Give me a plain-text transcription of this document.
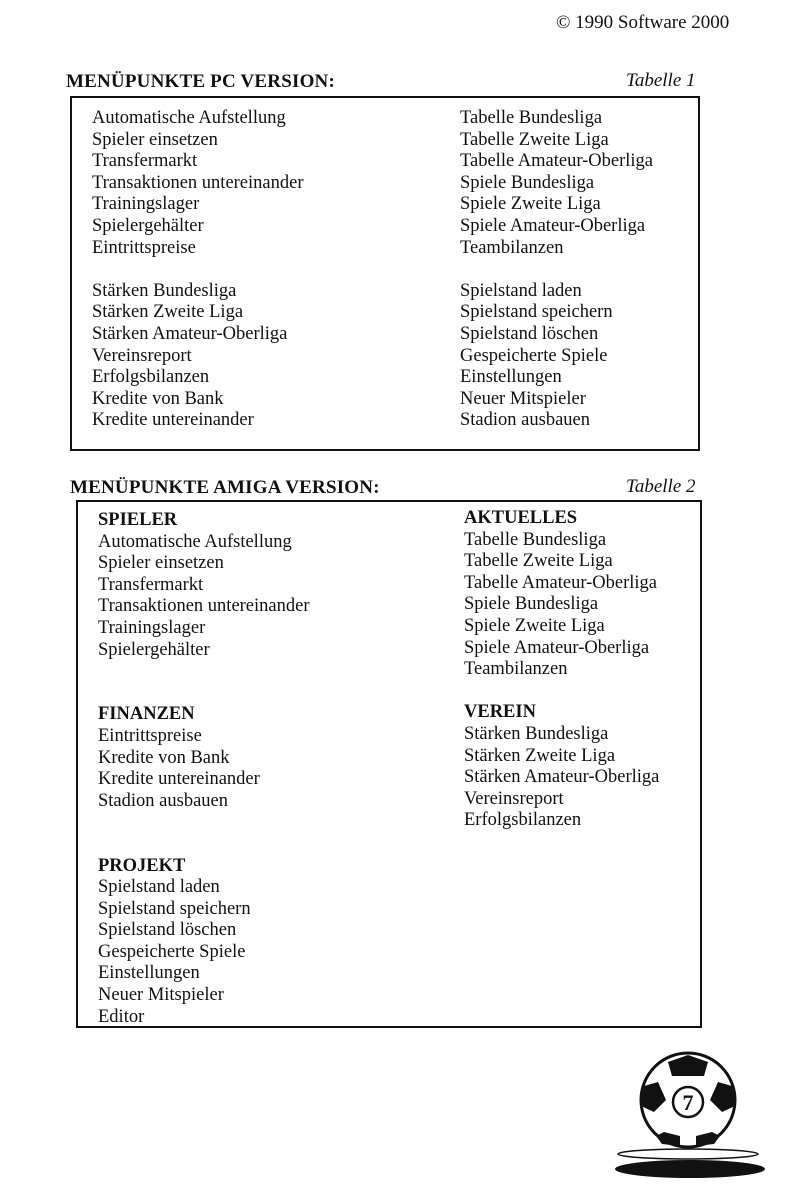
© 1990 Software 2000
MENÜPUNKTE PC VERSION:	Tabelle 1
Automatische Aufstellung
Spieler einsetzen
Transfermarkt
Transaktionen untereinander
Trainingslager
Spielergehälter
Eintrittspreise
Stärken Bundesliga
Stärken Zweite Liga
Stärken Amateur-Oberliga
Vereinsreport
Erfolgsbilanzen
Kredite von Bank
Kredite untereinander
Tabelle Bundesliga
Tabelle Zweite Liga
Tabelle Amateur-Oberliga
Spiele Bundesliga
Spiele Zweite Liga
Spiele Amateur-Oberliga
Teambilanzen
Spielstand laden
Spielstand speichern
Spielstand löschen
Gespeicherte Spiele
Einstellungen
Neuer Mitspieler
Stadion ausbauen
MENÜPUNKTE AMIGA VERSION:	Tabelle 2
SPIELER
Automatische Aufstellung
Spieler einsetzen
Transfermarkt
Transaktionen untereinander
Trainingslager
Spielergehälter
FINANZEN
Eintrittspreise
Kredite von Bank
Kredite untereinander
Stadion ausbauen
PROJEKT
Spielstand laden
Spielstand speichern
Spielstand löschen
Gespeicherte Spiele
Einstellungen
Neuer Mitspieler
Editor
AKTUELLES
Tabelle Bundesliga
Tabelle Zweite Liga
Tabelle Amateur-Oberliga
Spiele Bundesliga
Spiele Zweite Liga
Spiele Amateur-Oberliga
Teambilanzen
VEREIN
Stärken Bundesliga
Stärken Zweite Liga
Stärken Amateur-Oberliga
Vereinsreport
Erfolgsbilanzen
7
